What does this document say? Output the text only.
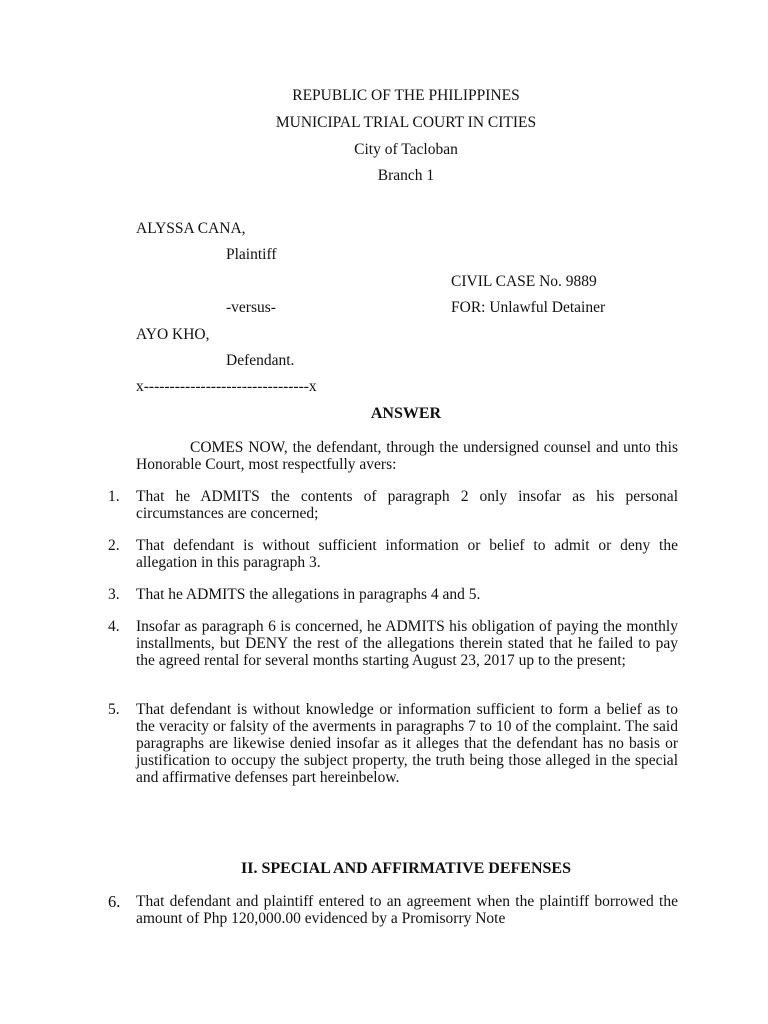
REPUBLIC OF THE PHILIPPINES
MUNICIPAL TRIAL COURT IN CITIES
City of Tacloban
Branch 1
ALYSSA CANA,
Plaintiff
CIVIL CASE No. 9889
-versus-	FOR: Unlawful Detainer
AYO KHO,
Defendant.
x--------------------------------x
ANSWER
COMES NOW, the defendant, through the undersigned counsel and unto this Honorable Court, most respectfully avers:
1. That he ADMITS the contents of paragraph 2 only insofar as his personal circumstances are concerned;
2. That defendant is without sufficient information or belief to admit or deny the allegation in this paragraph 3.
3. That he ADMITS the allegations in paragraphs 4 and 5.
4. Insofar as paragraph 6 is concerned, he ADMITS his obligation of paying the monthly installments, but DENY the rest of the allegations therein stated that he failed to pay the agreed rental for several months starting August 23, 2017 up to the present;
5. That defendant is without knowledge or information sufficient to form a belief as to the veracity or falsity of the averments in paragraphs 7 to 10 of the complaint. The said paragraphs are likewise denied insofar as it alleges that the defendant has no basis or justification to occupy the subject property, the truth being those alleged in the special and affirmative defenses part hereinbelow.
II. SPECIAL AND AFFIRMATIVE DEFENSES
6. That defendant and plaintiff entered to an agreement when the plaintiff borrowed the amount of Php 120,000.00 evidenced by a Promisorry Note
